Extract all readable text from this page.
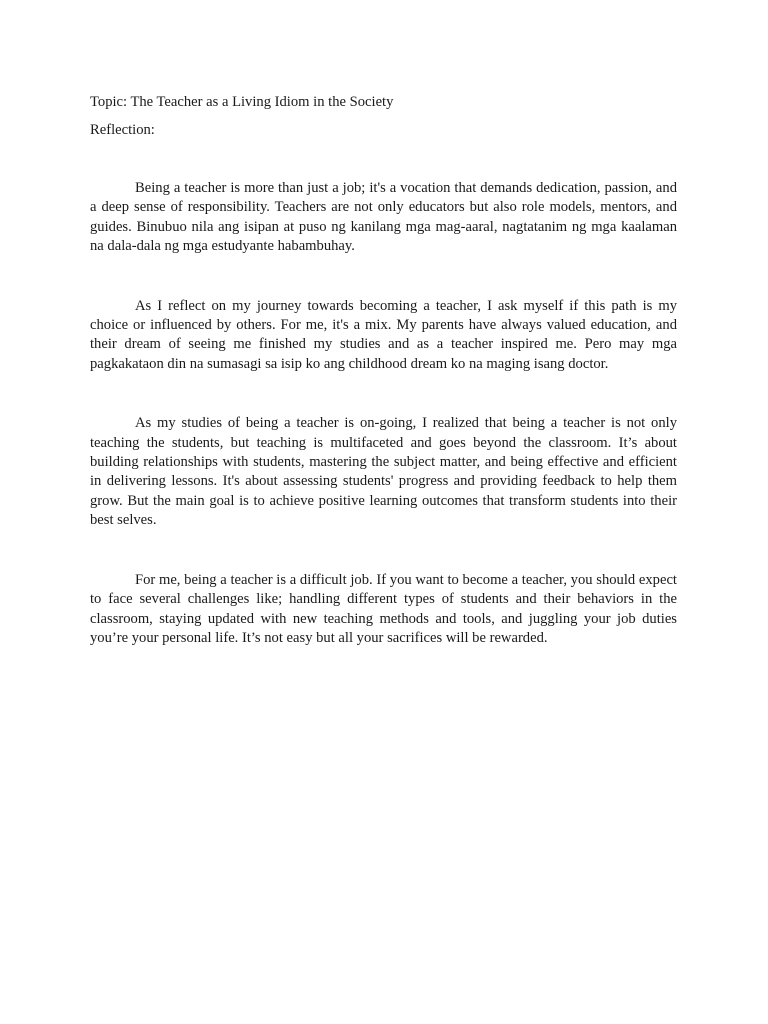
Topic: The Teacher as a Living Idiom in the Society

Reflection:

Being a teacher is more than just a job; it's a vocation that demands dedication, passion, and a deep sense of responsibility. Teachers are not only educators but also role models, mentors, and guides. Binubuo nila ang isipan at puso ng kanilang mga mag-aaral, nagtatanim ng mga kaalaman na dala-dala ng mga estudyante habambuhay.

As I reflect on my journey towards becoming a teacher, I ask myself if this path is my choice or influenced by others. For me, it's a mix. My parents have always valued education, and their dream of seeing me finished my studies and as a teacher inspired me. Pero may mga pagkakataon din na sumasagi sa isip ko ang childhood dream ko na maging isang doctor.

As my studies of being a teacher is on-going, I realized that being a teacher is not only teaching the students, but teaching is multifaceted and goes beyond the classroom. It’s about building relationships with students, mastering the subject matter, and being effective and efficient in delivering lessons. It's about assessing students' progress and providing feedback to help them grow. But the main goal is to achieve positive learning outcomes that transform students into their best selves.

For me, being a teacher is a difficult job. If you want to become a teacher, you should expect to face several challenges like; handling different types of students and their behaviors in the classroom, staying updated with new teaching methods and tools, and juggling your job duties you’re your personal life. It’s not easy but all your sacrifices will be rewarded.
